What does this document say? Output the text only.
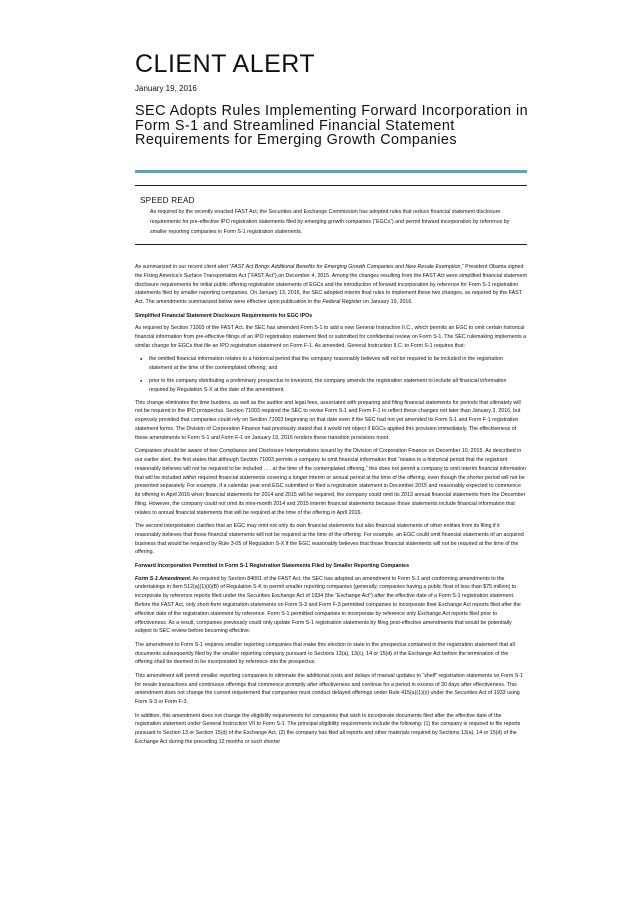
CLIENT ALERT
January 19, 2016
SEC Adopts Rules Implementing Forward Incorporation in Form S-1 and Streamlined Financial Statement Requirements for Emerging Growth Companies
SPEED READ
As required by the recently enacted FAST Act, the Securities and Exchange Commission has adopted rules that reduce financial statement disclosure requirements for pre-effective IPO registration statements filed by emerging growth companies (“EGCs”) and permit forward incorporation by reference by smaller reporting companies in Form S-1 registration statements.

As summarized in our recent client alert “FAST Act Brings Additional Benefits for Emerging Growth Companies and New Resale Exemption,” President Obama signed the Fixing America’s Surface Transportation Act (“FAST Act”),on December 4, 2015. Among the changes resulting from the FAST Act were simplified financial statement disclosure requirements for initial public offering registration statements of EGCs and the introduction of forward incorporation by reference for Form S-1 registration statements filed by smaller reporting companies. On January 13, 2016, the SEC adopted interim final rules to implement these two changes, as required by the FAST Act. The amendments summarized below were effective upon publication in the Federal Register on January 19, 2016.

Simplified Financial Statement Disclosure Requirements for EGC IPOs

As required by Section 71003 of the FAST Act, the SEC has amended Form S-1 to add a new General Instruction II.C., which permits an EGC to omit certain historical financial information from pre-effective filings of an IPO registration statement filed or submitted for confidential review on Form S-1. The SEC rulemaking implements a similar change for EGCs that file an IPO registration statement on Form F-1. As amended, General Instruction II.C. to Form S-1 requires that:

● the omitted financial information relates to a historical period that the company reasonably believes will not be required to be included in the registration statement at the time of the contemplated offering; and
● prior to the company distributing a preliminary prospectus to investors, the company amends the registration statement to include all financial information required by Regulation S-X at the date of the amendment.

This change eliminates the time burdens, as well as the auditor and legal fees, associated with preparing and filing financial statements for periods that ultimately will not be required in the IPO prospectus. Section 71003 required the SEC to revise Form S-1 and Form F-1 to reflect these changes not later than January 3, 2016, but expressly provided that companies could rely on Section 71003 beginning on that date even if the SEC had not yet amended its Form S-1 and Form F-1 registration statement forms. The Division of Corporation Finance had previously stated that it would not object if EGCs applied this provision immediately. The effectiveness of these amendments to Form S-1 and Form F-1 on January 19, 2016 renders these transition provisions moot.

Companies should be aware of two Compliance and Disclosure Interpretations issued by the Division of Corporation Finance on December 10, 2015. As described in our earlier alert, the first states that although Section 71003 permits a company to omit financial information that “relates to a historical period that the registrant reasonably believes will not be required to be included . . . at the time of the contemplated offering,” this does not permit a company to omit interim financial information that will be included within required financial statements covering a longer interim or annual period at the time of the offering, even though the shorter period will not be presented separately. For example, if a calendar year-end EGC submitted or filed a registration statement in December 2015 and reasonably expected to commence its offering in April 2016 when financial statements for 2014 and 2015 will be required, the company could omit its 2013 annual financial statements from the December filing. However, the company could not omit its nine-month 2014 and 2015 interim financial statements because those statements include financial information that relates to annual financial statements that will be required at the time of the offering in April 2016.

The second interpretation clarifies that an EGC may omit not only its own financial statements but also financial statements of other entities from its filing if it reasonably believes that those financial statements will not be required at the time of the offering. For example, an EGC could omit financial statements of an acquired business that would be required by Rule 3-05 of Regulation S-X if the EGC reasonably believes that those financial statements will not be required at the time of the offering.

Forward Incorporation Permitted in Form S-1 Registration Statements Filed by Smaller Reporting Companies

Form S-1 Amendment. As required by Section 84001 of the FAST Act, the SEC has adopted an amendment to Form S-1 and conforming amendments to the undertakings in Item 512(a)(1)(ii)(B) of Regulation S-K to permit smaller reporting companies (generally, companies having a public float of less than $75 million) to incorporate by reference reports filed under the Securities Exchange Act of 1934 (the “Exchange Act”) after the effective date of a Form S-1 registration statement. Before the FAST Act, only short-form registration statements on Form S-3 and Form F-3 permitted companies to incorporate their Exchange Act reports filed after the effective date of the registration statement by reference. Form S-1 permitted companies to incorporate by reference only Exchange Act reports filed prior to effectiveness. As a result, companies previously could only update Form S-1 registration statements by filing post-effective amendments that would be potentially subject to SEC review before becoming effective.

The amendment to Form S-1 requires smaller reporting companies that make this election to state in the prospectus contained in the registration statement that all documents subsequently filed by the smaller reporting company pursuant to Sections 13(a), 13(c), 14 or 15(d) of the Exchange Act before the termination of the offering shall be deemed to be incorporated by reference into the prospectus.

This amendment will permit smaller reporting companies to eliminate the additional costs and delays of manual updates to “shelf” registration statements on Form S-1 for resale transactions and continuous offerings that commence promptly after effectiveness and continue for a period in excess of 30 days after effectiveness. This amendment does not change the current requirement that companies must conduct delayed offerings under Rule 415(a)(1)(x) under the Securities Act of 1933 using Form S-3 or Form F-3.

In addition, this amendment does not change the eligibility requirements for companies that wish to incorporate documents filed after the effective date of the registration statement under General Instruction VII to Form S-1. The principal eligibility requirements include the following: (1) the company is required to file reports pursuant to Section 13 or Section 15(d) of the Exchange Act, (2) the company has filed all reports and other materials required by Sections 13(a), 14 or 15(d) of the Exchange Act during the preceding 12 months or such shorter
